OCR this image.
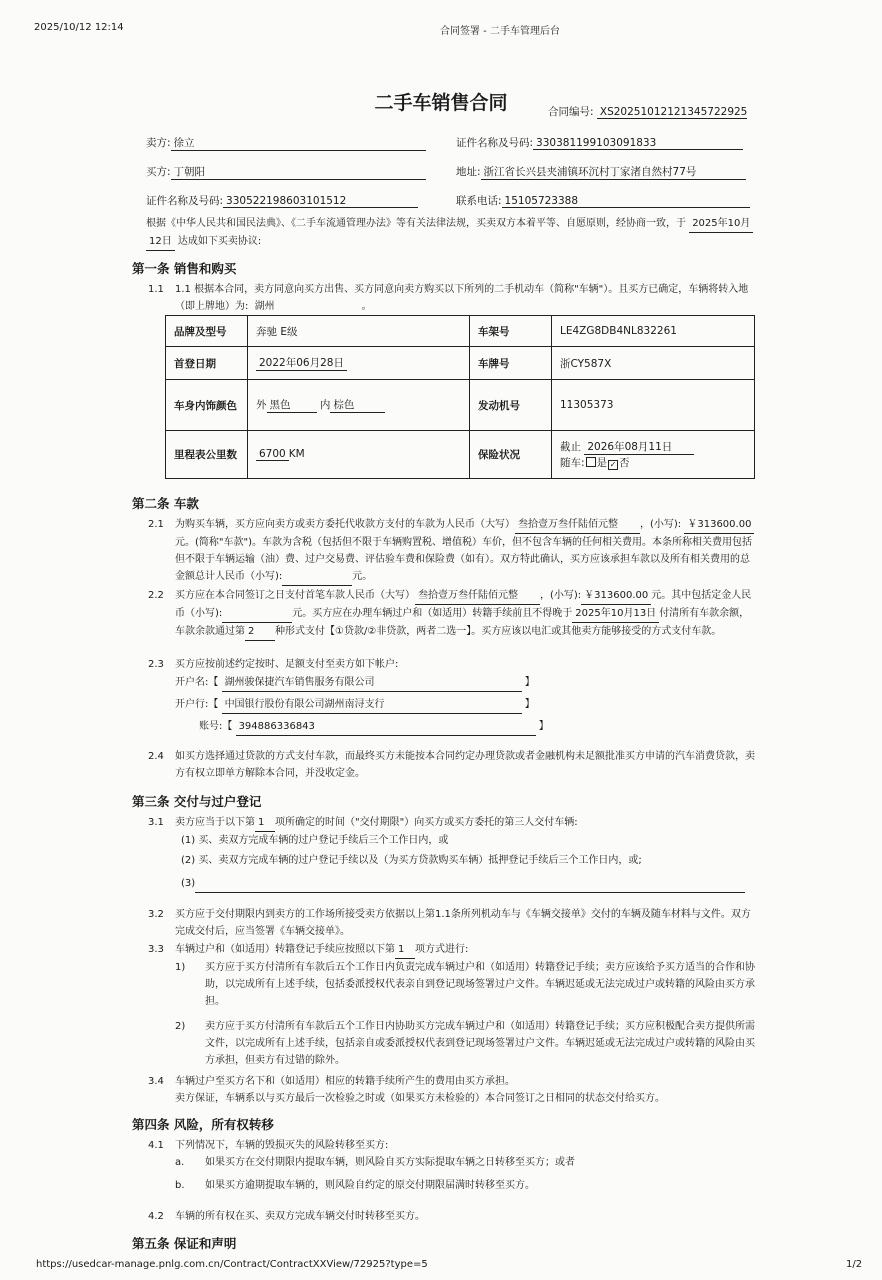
2025/10/12 12:14	合同签署 - 二手车管理后台
二手车销售合同	合同编号: XS20251012121345722925
卖方: 徐立	证件名称及号码: 330381199103091833
买方: 丁朝阳	地址: 浙江省长兴县夹浦镇环沉村丁家渚自然村77号
证件名称及号码: 330522198603101512	联系电话: 15105723388
根据《中华人民共和国民法典》、《二手车流通管理办法》等有关法律法规，买卖双方本着平等、自愿原则，经协商一致，于 2025年10月12日 达成如下买卖协议:
第一条 销售和购买
1.1 1.1 根据本合同，卖方同意向买方出售、买方同意向卖方购买以下所列的二手机动车（简称"车辆"）。且买方已确定，车辆将转入地（即上牌地）为: 湖州	。
品牌及型号	奔驰 E级	车架号	LE4ZG8DB4NL832261
首登日期	2022年06月28日	车牌号	浙CY587X
车身内饰颜色	外 黑色 内 棕色	发动机号	11305373
里程表公里数	6700 KM	保险状况	截止 2026年08月11日
随车: 是 ✓ 否
第二条 车款
2.1 为购买车辆，买方应向卖方或卖方委托代收款方支付的车款为人民币（大写） 叁拾壹万叁仟陆佰元整 ，(小写): ￥313600.00元。(简称"车款")。车款为含税（包括但不限于车辆购置税、增值税）车价，但不包含车辆的任何相关费用。本条所称相关费用包括但不限于车辆运输（油）费、过户交易费、评估验车费和保险费（如有）。双方特此确认，买方应该承担车款以及所有相关费用的总金额总计人民币（小写):	元。
2.2 买方应在本合同签订之日支付首笔车款人民币（大写） 叁拾壹万叁仟陆佰元整 ，(小写): ￥313600.00 元。其中包括定金人民币（小写):	元。买方应在办理车辆过户和（如适用）转籍手续前且不得晚于 2025年10月13日 付清所有车款余额，车款余款通过第 2 种形式支付【①贷款/②非贷款，两者二选一】。买方应该以电汇或其他卖方能够接受的方式支付车款。
2.3 买方应按前述约定按时、足额支付至卖方如下帐户:
开户名:【 湖州骏保捷汽车销售服务有限公司	】
开户行:【 中国银行股份有限公司湖州南浔支行	】
账号:【 394886336843	】
2.4 如买方选择通过贷款的方式支付车款，而最终买方未能按本合同约定办理贷款或者金融机构未足额批准买方申请的汽车消费贷款，卖方有权立即单方解除本合同，并没收定金。
第三条 交付与过户登记
3.1 卖方应当于以下第 1 项所确定的时间（"交付期限"）向买方或买方委托的第三人交付车辆:
(1) 买、卖双方完成车辆的过户登记手续后三个工作日内，或
(2) 买、卖双方完成车辆的过户登记手续以及（为买方贷款购买车辆）抵押登记手续后三个工作日内，或;
(3)
3.2 买方应于交付期限内到卖方的工作场所接受卖方依据以上第1.1条所列机动车与《车辆交接单》交付的车辆及随车材料与文件。双方完成交付后，应当签署《车辆交接单》。
3.3 车辆过户和（如适用）转籍登记手续应按照以下第 1 项方式进行:
1) 买方应于买方付清所有车款后五个工作日内负责完成车辆过户和（如适用）转籍登记手续；卖方应该给予买方适当的合作和协助，以完成所有上述手续，包括委派授权代表亲自到登记现场签署过户文件。车辆迟延或无法完成过户或转籍的风险由买方承担。
2) 卖方应于买方付清所有车款后五个工作日内协助买方完成车辆过户和（如适用）转籍登记手续；买方应积极配合卖方提供所需文件，以完成所有上述手续，包括亲自或委派授权代表到登记现场签署过户文件。车辆迟延或无法完成过户或转籍的风险由买方承担，但卖方有过错的除外。
3.4 车辆过户至买方名下和（如适用）相应的转籍手续所产生的费用由买方承担。
卖方保证，车辆系以与买方最后一次检验之时或（如果买方未检验的）本合同签订之日相同的状态交付给买方。
第四条 风险，所有权转移
4.1 下列情况下，车辆的毁损灭失的风险转移至买方:
a. 如果买方在交付期限内提取车辆，则风险自买方实际提取车辆之日转移至买方；或者
b. 如果买方逾期提取车辆的，则风险自约定的原交付期限届满时转移至买方。
4.2 车辆的所有权在买、卖双方完成车辆交付时转移至买方。
第五条 保证和声明
https://usedcar-manage.pnlg.com.cn/Contract/ContractXXView/72925?type=5	1/2
